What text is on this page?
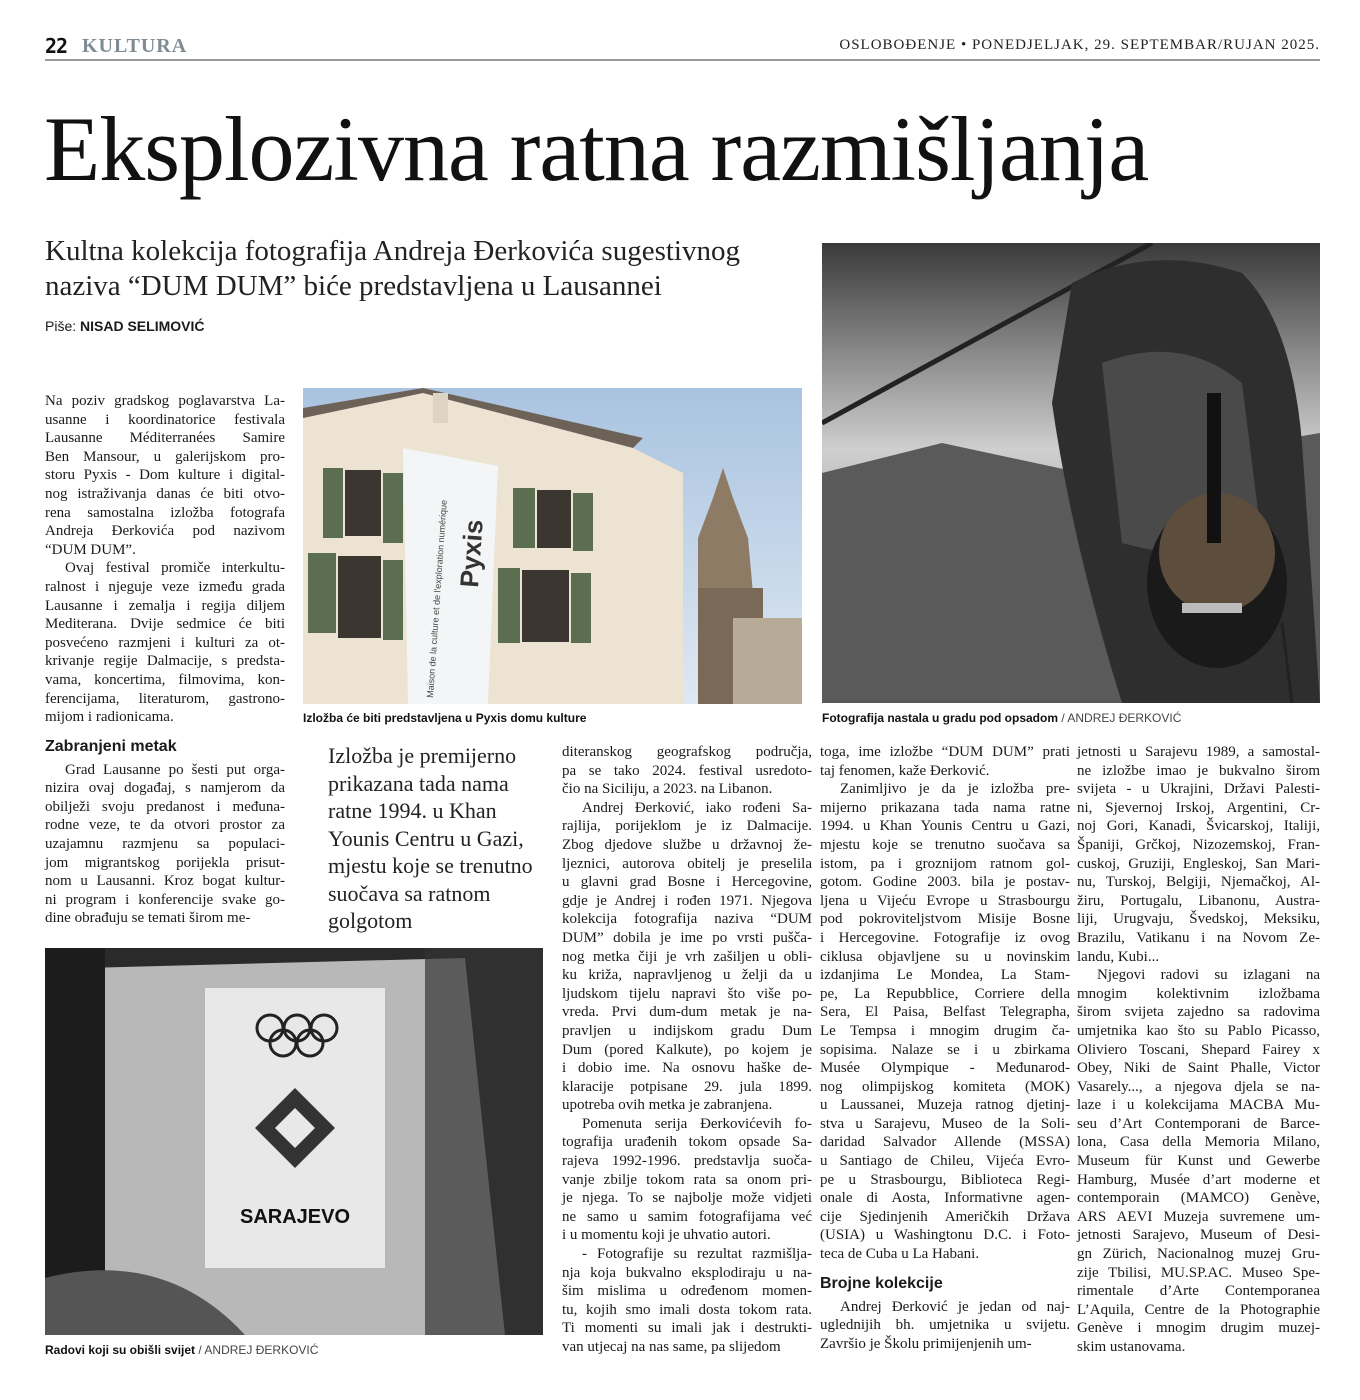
22 KULTURA	OSLOBOĐENJE • PONEDJELJAK, 29. SEPTEMBAR/RUJAN 2025.
Eksplozivna ratna razmišljanja
Kultna kolekcija fotografija Andreja Đerkovića sugestivnog naziva “DUM DUM” biće predstavljena u Lausannei
Piše: NISAD SELIMOVIĆ
Pyxis
Maison de la culture et de l'exploration numérique
Izložba će biti predstavljena u Pyxis domu kulture	Fotografija nastala u gradu pod opsadom / ANDREJ ĐERKOVIĆ
SARAJEVO
Radovi koji su obišli svijet / ANDREJ ĐERKOVIĆ
Izložba je premijerno prikazana tada nama ratne 1994. u Khan Younis Centru u Gazi, mjestu koje se trenutno suočava sa ratnom golgotom
Na poziv gradskog poglavarstva La-
usanne i koordinatorice festivala
Lausanne Méditerranées Samire
Ben Mansour, u galerijskom pro-
storu Pyxis - Dom kulture i digital-
nog istraživanja danas će biti otvo-
rena samostalna izložba fotografa
Andreja Đerkovića pod nazivom
“DUM DUM”.
Ovaj festival promiče interkultu-
ralnost i njeguje veze između grada
Lausanne i zemalja i regija diljem
Mediterana. Dvije sedmice će biti
posvećeno razmjeni i kulturi za ot-
krivanje regije Dalmacije, s predsta-
vama, koncertima, filmovima, kon-
ferencijama, literaturom, gastrono-
mijom i radionicama.
Zabranjeni metak
Grad Lausanne po šesti put orga-
nizira ovaj događaj, s namjerom da
obilježi svoju predanost i međuna-
rodne veze, te da otvori prostor za
uzajamnu razmjenu sa populaci-
jom migrantskog porijekla prisut-
nom u Lausanni. Kroz bogat kultur-
ni program i konferencije svake go-
dine obrađuju se temati širom me-
diteranskog geografskog područja,
pa se tako 2024. festival usredoto-
čio na Siciliju, a 2023. na Libanon.
Andrej Đerković, iako rođeni Sa-
rajlija, porijeklom je iz Dalmacije.
Zbog djedove službe u državnoj že-
ljeznici, autorova obitelj je preselila
u glavni grad Bosne i Hercegovine,
gdje je Andrej i rođen 1971. Njegova
kolekcija fotografija naziva “DUM
DUM” dobila je ime po vrsti pušča-
nog metka čiji je vrh zašiljen u obli-
ku križa, napravljenog u želji da u
ljudskom tijelu napravi što više po-
vreda. Prvi dum-dum metak je na-
pravljen u indijskom gradu Dum
Dum (pored Kalkute), po kojem je
i dobio ime. Na osnovu haške de-
klaracije potpisane 29. jula 1899.
upotreba ovih metka je zabranjena.
Pomenuta serija Đerkovićevih fo-
tografija urađenih tokom opsade Sa-
rajeva 1992-1996. predstavlja suoča-
vanje zbilje tokom rata sa onom pri-
je njega. To se najbolje može vidjeti
ne samo u samim fotografijama već
i u momentu koji je uhvatio autori.
- Fotografije su rezultat razmišlja-
nja koja bukvalno eksplodiraju u na-
šim mislima u određenom momen-
tu, kojih smo imali dosta tokom rata.
Ti momenti su imali jak i destrukti-
van utjecaj na nas same, pa slijedom
toga, ime izložbe “DUM DUM” prati
taj fenomen, kaže Đerković.
Zanimljivo je da je izložba pre-
mijerno prikazana tada nama ratne
1994. u Khan Younis Centru u Gazi,
mjestu koje se trenutno suočava sa
istom, pa i groznijom ratnom gol-
gotom. Godine 2003. bila je postav-
ljena u Vijeću Evrope u Strasbourgu
pod pokroviteljstvom Misije Bosne
i Hercegovine. Fotografije iz ovog
ciklusa objavljene su u novinskim
izdanjima Le Mondea, La Stam-
pe, La Repubblice, Corriere della
Sera, El Paisa, Belfast Telegrapha,
Le Tempsa i mnogim drugim ča-
sopisima. Nalaze se i u zbirkama
Musée Olympique - Međunarod-
nog olimpijskog komiteta (MOK)
u Laussanei, Muzeja ratnog djetinj-
stva u Sarajevu, Museo de la Soli-
daridad Salvador Allende (MSSA)
u Santiago de Chileu, Vijeća Evro-
pe u Strasbourgu, Biblioteca Regi-
onale di Aosta, Informativne agen-
cije Sjedinjenih Američkih Država
(USIA) u Washingtonu D.C. i Foto-
teca de Cuba u La Habani.
Brojne kolekcije
Andrej Đerković je jedan od naj-
uglednijih bh. umjetnika u svijetu.
Završio je Školu primijenjenih um-
jetnosti u Sarajevu 1989, a samostal-
ne izložbe imao je bukvalno širom
svijeta - u Ukrajini, Državi Palesti-
ni, Sjevernoj Irskoj, Argentini, Cr-
noj Gori, Kanadi, Švicarskoj, Italiji,
Španiji, Grčkoj, Nizozemskoj, Fran-
cuskoj, Gruziji, Engleskoj, San Mari-
nu, Turskoj, Belgiji, Njemačkoj, Al-
žiru, Portugalu, Libanonu, Austra-
liji, Urugvaju, Švedskoj, Meksiku,
Brazilu, Vatikanu i na Novom Ze-
landu, Kubi...
Njegovi radovi su izlagani na
mnogim kolektivnim izložbama
širom svijeta zajedno sa radovima
umjetnika kao što su Pablo Picasso,
Oliviero Toscani, Shepard Fairey x
Obey, Niki de Saint Phalle, Victor
Vasarely..., a njegova djela se na-
laze i u kolekcijama MACBA Mu-
seu d’Art Contemporani de Barce-
lona, Casa della Memoria Milano,
Museum für Kunst und Gewerbe
Hamburg, Musée d’art moderne et
contemporain (MAMCO) Genève,
ARS AEVI Muzeja suvremene um-
jetnosti Sarajevo, Museum of Desi-
gn Zürich, Nacionalnog muzej Gru-
zije Tbilisi, MU.SP.AC. Museo Spe-
rimentale d’Arte Contemporanea
L’Aquila, Centre de la Photographie
Genève i mnogim drugim muzej-
skim ustanovama.
